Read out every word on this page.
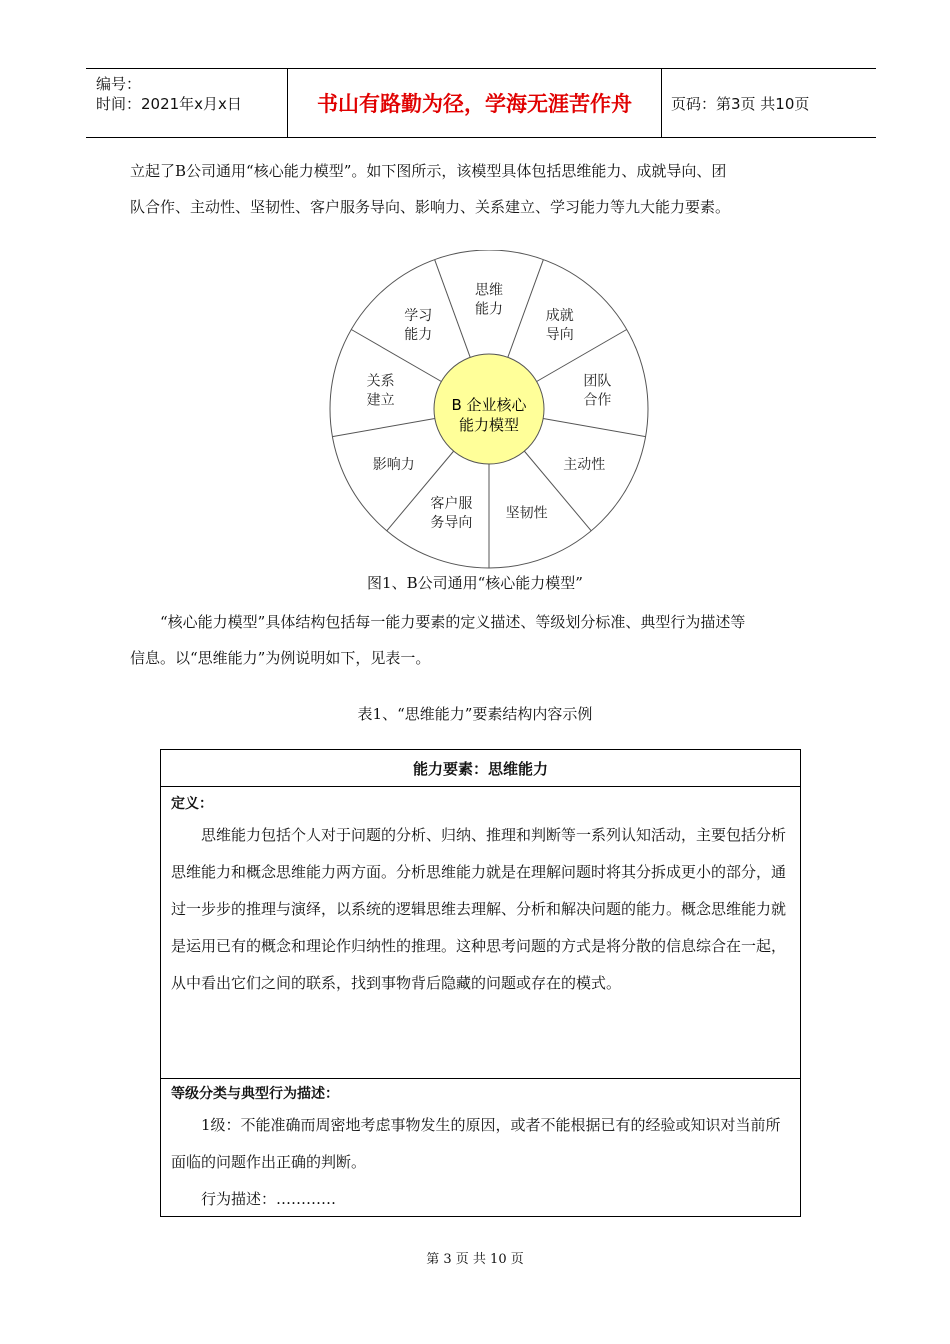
编号：
时间：2021年x月x日	书山有路勤为径，学海无涯苦作舟	页码：第3页 共10页

立起了B公司通用“核心能力模型”。如下图所示，该模型具体包括思维能力、成就导向、团

队合作、主动性、坚韧性、客户服务导向、影响力、关系建立、学习能力等九大能力要素。

思维
能力	成就
导向
团队
合作
主动性
坚韧性
客户服
务导向
影响力
关系
建立
学习
能力
B 企业核心
能力模型
图1、B公司通用“核心能力模型”

“核心能力模型”具体结构包括每一能力要素的定义描述、等级划分标准、典型行为描述等

信息。以“思维能力”为例说明如下，见表一。

表1、“思维能力”要素结构内容示例
能力要素：思维能力
定义：

思维能力包括个人对于问题的分析、归纳、推理和判断等一系列认知活动，主要包括分析思维能力和概念思维能力两方面。分析思维能力就是在理解问题时将其分拆成更小的部分，通过一步步的推理与演绎，以系统的逻辑思维去理解、分析和解决问题的能力。概念思维能力就是运用已有的概念和理论作归纳性的推理。这种思考问题的方式是将分散的信息综合在一起，从中看出它们之间的联系，找到事物背后隐藏的问题或存在的模式。

等级分类与典型行为描述：

1级：不能准确而周密地考虑事物发生的原因，或者不能根据已有的经验或知识对当前所面临的问题作出正确的判断。

行为描述：…………

第 3 页 共 10 页
